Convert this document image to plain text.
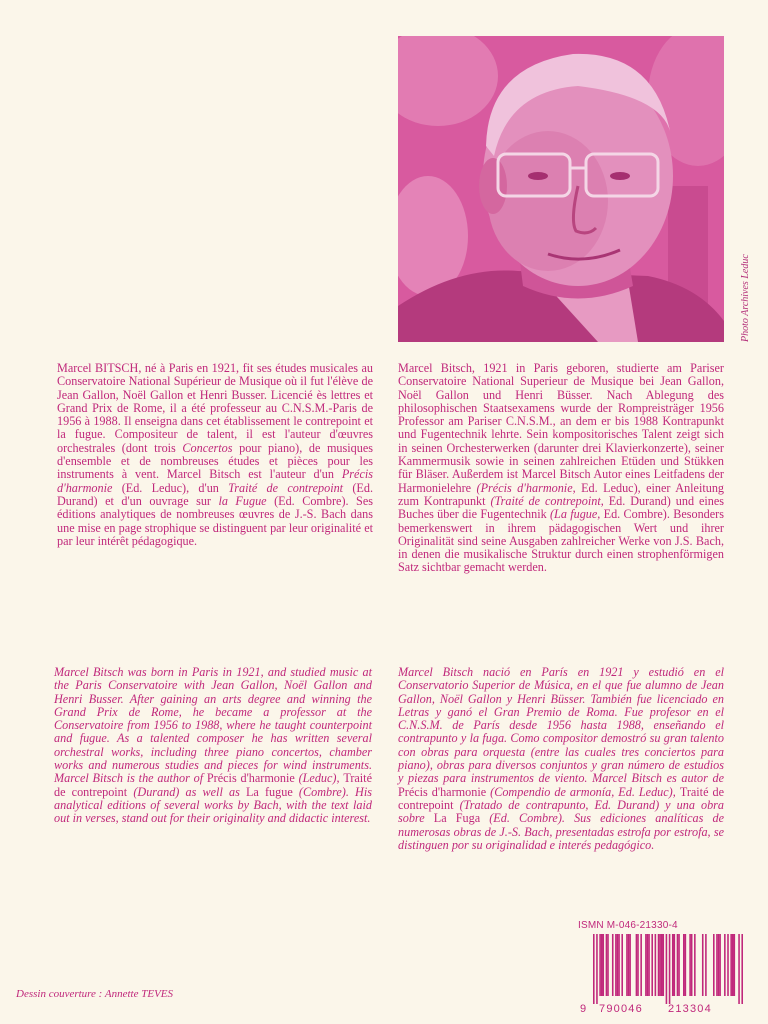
Photo Archives Leduc
Marcel BITSCH, né à Paris en 1921, fit ses études musicales au Conservatoire National Supérieur de Musique où il fut l'élève de Jean Gallon, Noël Gallon et Henri Busser. Licencié ès lettres et Grand Prix de Rome, il a été professeur au C.N.S.M.-Paris de 1956 à 1988. Il enseigna dans cet établissement le contrepoint et la fugue. Compositeur de talent, il est l'auteur d'œuvres orchestrales (dont trois Concertos pour piano), de musiques d'ensemble et de nombreuses études et pièces pour les instruments à vent. Marcel Bitsch est l'auteur d'un Précis d'harmonie (Ed. Leduc), d'un Traité de contrepoint (Ed. Durand) et d'un ouvrage sur la Fugue (Ed. Combre). Ses éditions analytiques de nombreuses œuvres de J.-S. Bach dans une mise en page strophique se distinguent par leur originalité et par leur intérêt pédagogique.
Marcel Bitsch, 1921 in Paris geboren, studierte am Pariser Conservatoire National Superieur de Musique bei Jean Gallon, Noël Gallon und Henri Büsser. Nach Ablegung des philosophischen Staatsexamens wurde der Rompreisträger 1956 Professor am Pariser C.N.S.M., an dem er bis 1988 Kontrapunkt und Fugentechnik lehrte. Sein kompositorisches Talent zeigt sich in seinen Orchesterwerken (darunter drei Klavierkonzerte), seiner Kammermusik sowie in seinen zahlreichen Etüden und Stükken für Bläser. Außerdem ist Marcel Bitsch Autor eines Leitfadens der Harmonielehre (Précis d'harmonie, Ed. Leduc), einer Anleitung zum Kontrapunkt (Traité de contrepoint, Ed. Durand) und eines Buches über die Fugentechnik (La fugue, Ed. Combre). Besonders bemerkenswert in ihrem pädagogischen Wert und ihrer Originalität sind seine Ausgaben zahlreicher Werke von J.S. Bach, in denen die musikalische Struktur durch einen strophenförmigen Satz sichtbar gemacht werden.
Marcel Bitsch was born in Paris in 1921, and studied music at the Paris Conservatoire with Jean Gallon, Noël Gallon and Henri Busser. After gaining an arts degree and winning the Grand Prix de Rome, he became a professor at the Conservatoire from 1956 to 1988, where he taught counterpoint and fugue. As a talented composer he has written several orchestral works, including three piano concertos, chamber works and numerous studies and pieces for wind instruments. Marcel Bitsch is the author of Précis d'harmonie (Leduc), Traité de contrepoint (Durand) as well as La fugue (Combre). His analytical editions of several works by Bach, with the text laid out in verses, stand out for their originality and didactic interest.
Marcel Bitsch nació en París en 1921 y estudió en el Conservatorio Superior de Música, en el que fue alumno de Jean Gallon, Noël Gallon y Henri Büsser. También fue licenciado en Letras y ganó el Gran Premio de Roma. Fue profesor en el C.N.S.M. de París desde 1956 hasta 1988, enseñando el contrapunto y la fuga. Como compositor demostró su gran talento con obras para orquesta (entre las cuales tres conciertos para piano), obras para diversos conjuntos y gran número de estudios y piezas para instrumentos de viento. Marcel Bitsch es autor de Précis d'harmonie (Compendio de armonía, Ed. Leduc), Traité de contrepoint (Tratado de contrapunto, Ed. Durand) y una obra sobre La Fuga (Ed. Combre). Sus ediciones analíticas de numerosas obras de J.-S. Bach, presentadas estrofa por estrofa, se distinguen por su originalidad e interés pedagógico.
ISMN M-046-21330-4
9 790046 213304
Dessin couverture : Annette TEVES
